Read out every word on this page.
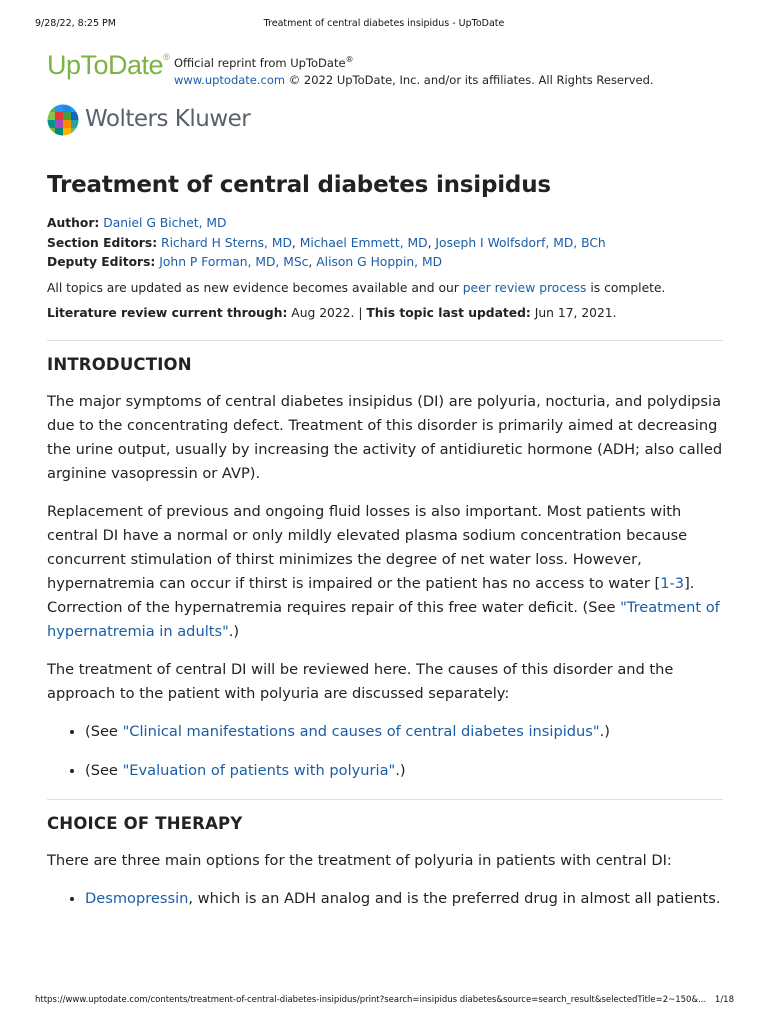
9/28/22, 8:25 PM	Treatment of central diabetes insipidus - UpToDate
UpToDate® Official reprint from UpToDate®
www.uptodate.com © 2022 UpToDate, Inc. and/or its affiliates. All Rights Reserved.
Wolters Kluwer
Treatment of central diabetes insipidus
Author: Daniel G Bichet, MD
Section Editors: Richard H Sterns, MD, Michael Emmett, MD, Joseph I Wolfsdorf, MD, BCh
Deputy Editors: John P Forman, MD, MSc, Alison G Hoppin, MD
All topics are updated as new evidence becomes available and our peer review process is complete.
Literature review current through: Aug 2022. | This topic last updated: Jun 17, 2021.
INTRODUCTION

The major symptoms of central diabetes insipidus (DI) are polyuria, nocturia, and polydipsia due to the concentrating defect. Treatment of this disorder is primarily aimed at decreasing the urine output, usually by increasing the activity of antidiuretic hormone (ADH; also called arginine vasopressin or AVP).

Replacement of previous and ongoing fluid losses is also important. Most patients with central DI have a normal or only mildly elevated plasma sodium concentration because concurrent stimulation of thirst minimizes the degree of net water loss. However, hypernatremia can occur if thirst is impaired or the patient has no access to water [1-3]. Correction of the hypernatremia requires repair of this free water deficit. (See "Treatment of hypernatremia in adults".)

The treatment of central DI will be reviewed here. The causes of this disorder and the approach to the patient with polyuria are discussed separately:

• (See "Clinical manifestations and causes of central diabetes insipidus".)
• (See "Evaluation of patients with polyuria".)
CHOICE OF THERAPY

There are three main options for the treatment of polyuria in patients with central DI:

• Desmopressin, which is an ADH analog and is the preferred drug in almost all patients.
https://www.uptodate.com/contents/treatment-of-central-diabetes-insipidus/print?search=insipidus diabetes&source=search_result&selectedTitle=2~150&... 1/18
